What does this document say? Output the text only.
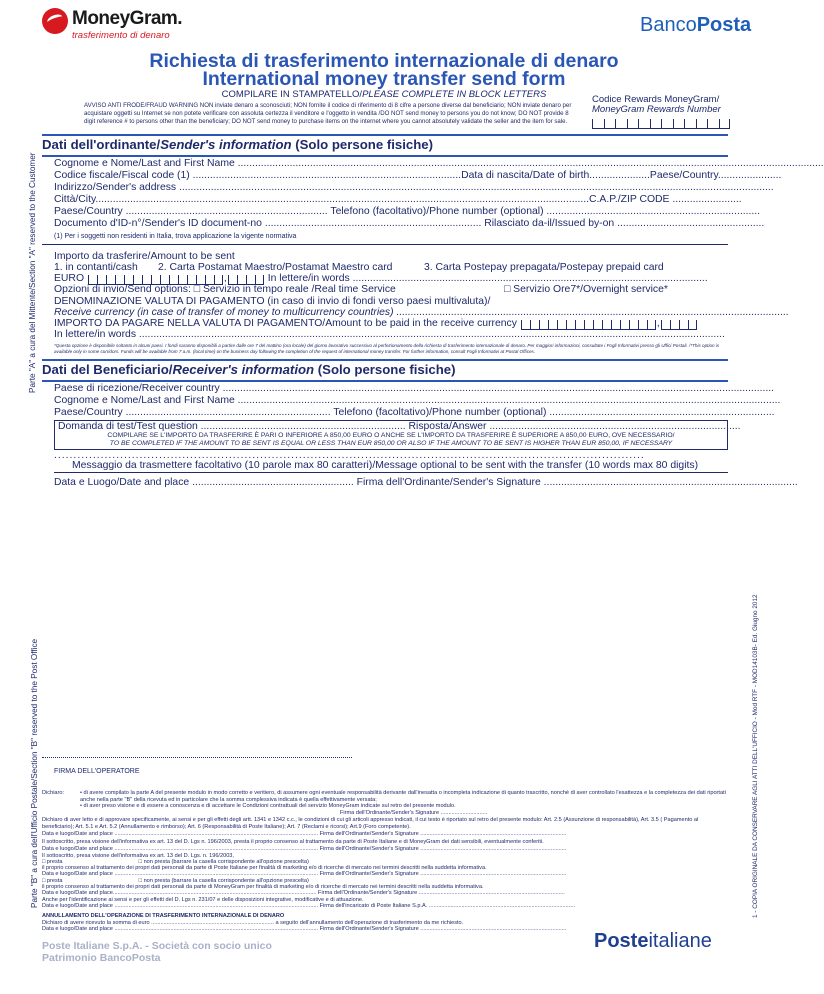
MoneyGram.
trasferimento di denaro	BancoPosta
Richiesta di trasferimento internazionale di denaro
International money transfer send form
COMPILARE IN STAMPATELLO/PLEASE COMPLETE IN BLOCK LETTERS
AVVISO ANTI FRODE/FRAUD WARNING NON inviate denaro a sconosciuti; NON fornite il codice di riferimento di 8 cifre a persone diverse dal beneficiario; NON inviate denaro per acquistare oggetti su Internet se non potete verificare con assoluta certezza il venditore e l'oggetto in vendita /DO NOT send money to persons you do not know; DO NOT provide 8 digit reference # to persons other than the beneficiary; DO NOT send money to purchase items on the internet where you cannot absolutely validate the seller and the item for sale.
Codice Rewards MoneyGram/
MoneyGram Rewards Number
Parte "A" a cura del Mittente/Section "A" reserved to the Customer
Parte "B" a cura dell'Ufficio Postale/Section "B" reserved to the Post Office	1 - COPIA ORIGINALE DA CONSERVARE AGLI ATTI DELL'UFFICIO - Mod RTF - MOD14103B- Ed. Giugno 2012
Dati dell'ordinante/Sender's information (Solo persone fisiche)
Cognome e Nome/Last and First Name ...........................................................................................................................................................................................................
Codice fiscale/Fiscal code (1) .............................................................................................Data di nascita/Date of birth.....................Paese/Country......................
Indirizzo/Sender's address ..............................................................................................................................................................................................................
Città/City...........................................................................................................................................................................C.A.P./ZIP CODE ........................
Paese/Country ...................................................................... Telefono (facoltativo)/Phone number (optional) ..........................................................................
Documento d'ID-n°/Sender's ID document-no ........................................................................... Rilasciato da-il/Issued by-on ...................................................
(1) Per i soggetti non residenti in Italia, trova applicazione la vigente normativa
Importo da trasferire/Amount to be sent
1. in contanti/cash 2. Carta Postamat Maestro/Postamat Maestro card	3. Carta Postepay prepagata/Postepay prepaid card
EURO	,	In lettere/in words ...........................................................................................................................
Opzioni di invio/Send options: □ Servizio in tempo reale /Real time Service	□ Servizio Ore7*/Overnight service*
DENOMINAZIONE VALUTA DI PAGAMENTO (in caso di invio di fondi verso paesi multivaluta)/
Receive currency (in case of transfer of money to multicurrency countries) ........................................................................................................................................
IMPORTO DA PAGARE NELLA VALUTA DI PAGAMENTO/Amount to be paid in the receive currency	,
In lettere/in words ...........................................................................................................................................................................................................
*Questa opzione è disponibile soltanto in alcuni paesi. I fondi saranno disponibili a partire dalle ore 7 del mattino (ora locale) del giorno lavorativo successivo al perfezionamento della richiesta di trasferimento internazionale di denaro. Per maggiori informazioni, consultate i Fogli Informativi presso gli Uffici Postali. /*This option is available only in some corridors. Funds will be available from 7 a.m. (local time) on the business day following the completion of the request of international money transfer. For further information, consult Fogli Informativi at Postal Offices.
Dati del Beneficiario/Receiver's information (Solo persone fisiche)
Paese di ricezione/Receiver country ...............................................................................................................................................................................................
Cognome e Nome/Last and First Name ............................................................................................................................................................................................
Paese/Country ....................................................................... Telefono (facoltativo)/Phone number (optional) ..............................................................................
Domanda di test/Test question ....................................................................... Risposta/Answer .......................................................................................
COMPILARE SE L'IMPORTO DA TRASFERIRE È PARI O INFERIORE A 850,00 EURO O ANCHE SE L'IMPORTO DA TRASFERIRE È SUPERIORE A 850,00 EURO, OVE NECESSARIO/
TO BE COMPLETED IF THE AMOUNT TO BE SENT IS EQUAL OR LESS THAN EUR 850,00 OR ALSO IF THE AMOUNT TO BE SENT IS HIGHER THAN EUR 850,00, IF NECESSARY
........................................................................................................................................................
Messaggio da trasmettere facoltativo (10 parole max 80 caratteri)/Message optional to be sent with the transfer (10 words max 80 digits)
Data e Luogo/Date and place ........................................................ Firma dell'Ordinante/Sender's Signature ........................................................................................
FIRMA DELL'OPERATORE
Dichiaro:	• di avere compilato la parte A del presente modulo in modo corretto e veritiero, di assumere ogni eventuale responsabilità derivante dall'inesatta o incompleta indicazione di quanto trascritto, nonché di aver controllato l'esattezza e la completezza dei dati riportati anche nella parte "B" della ricevuta ed in particolare che la somma complessiva indicata è quella effettivamente versata;
• di aver preso visione e di essere a conoscenza e di accettare le Condizioni contrattuali del servizio MoneyGram indicate sul retro del presente modulo.
Firma dell'Ordinante/Sender's Signature ..............................
Dichiaro di aver letto e di approvare specificamente, ai sensi e per gli effetti degli artt. 1341 e 1342 c.c., le condizioni di cui gli articoli appresso indicati, il cui testo è riportato sul retro del presente modulo: Art. 2.5 (Assunzione di responsabilità), Art. 3.5 ( Pagamento al beneficiario); Art. 5.1 e Art. 5.2 (Annullamento e rimborso); Art. 6 (Responsabilità di Poste Italiane); Art. 7 (Reclami e ricorsi); Art.9 (Foro competente).
Data e luogo/Date and place ................................................................................................................................... Firma dell'Ordinante/Sender's Signature ..............................................................................................
Il sottoscritto, presa visione dell'informativa ex art. 13 del D. Lgs n. 196/2003, presta il proprio consenso al trattamento da parte di Poste Italiane e di MoneyGram dei dati sensibili, eventualmente conferiti.
Data e luogo/Date and place ................................................................................................................................... Firma dell'Ordinante/Sender's Signature ..............................................................................................
Il sottoscritto, presa visione dell'informativa ex art. 13 del D. Lgs. n. 196/2003,
□ presta                                                 □ non presta (barrare la casella corrispondente all'opzione prescelta)
il proprio consenso al trattamento dei propri dati personali da parte di Poste Italiane per finalità di marketing e/o di ricerche di mercato nei termini descritti nella suddetta informativa.
Data e luogo/Date and place ................................................................................................................................... Firma dell'Ordinante/Sender's Signature ..............................................................................................
□ presta                                                 □ non presta (barrare la casella corrispondente all'opzione prescelta)
il proprio consenso al trattamento dei propri dati personali da parte di MoneyGram per finalità di marketing e/o di ricerche di mercato nei termini descritti nella suddetta informativa.
Data e luogo/Date and place................................................................................................................................... Firma dell'Ordinante/Sender's Signature ..............................................................................................
Anche per l'identificazione ai sensi e per gli effetti del D. Lgs n. 231/07 e delle disposizioni integrative, modificative e di attuazione.
Data e luogo/Date and place ................................................................................................................................... Firma dell'incaricato di Poste Italiane S.p.A. ..............................................................................................
ANNULLAMENTO DELL'OPERAZIONE DI TRASFERIMENTO INTERNAZIONALE DI DENARO
Dichiaro di avere ricevuto la somma di euro ............................................................................... a seguito dell'annullamento dell'operazione di trasferimento da me richiesto.
Data e luogo/Date and place ................................................................................................................................... Firma dell'Ordinante/Sender's Signature ..............................................................................................
Poste Italiane S.p.A. - Società con socio unico
Patrimonio BancoPosta
Posteitaliane
